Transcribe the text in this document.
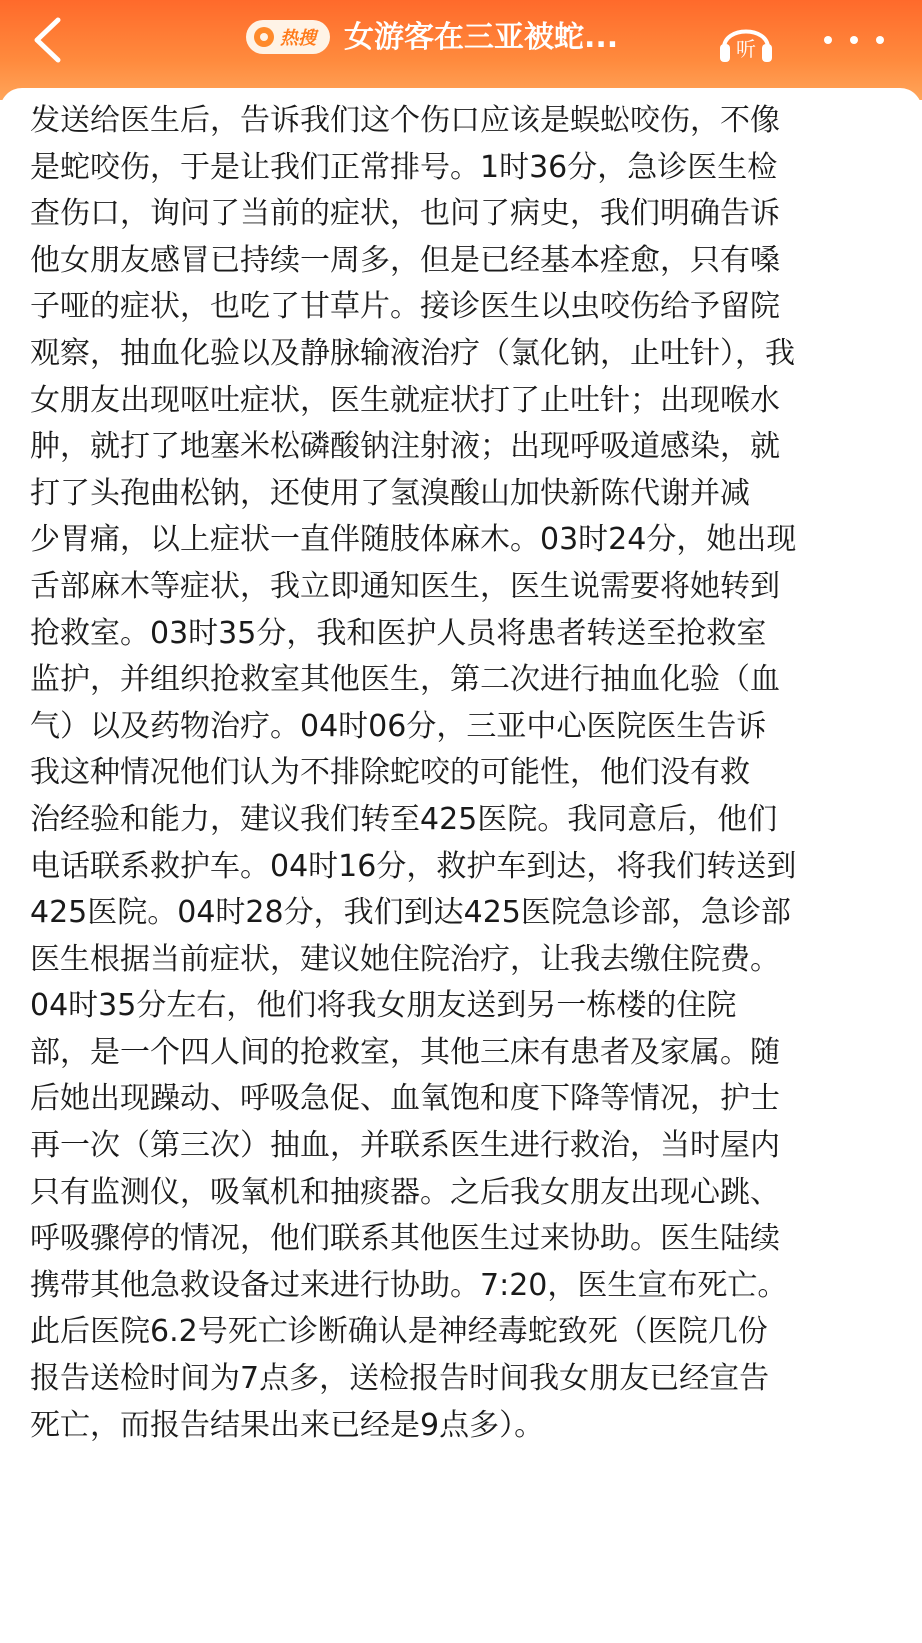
热搜 女游客在三亚被蛇...	听

发送给医生后，告诉我们这个伤口应该是蜈蚣咬伤，不像
是蛇咬伤，于是让我们正常排号。1时36分，急诊医生检
查伤口，询问了当前的症状，也问了病史，我们明确告诉
他女朋友感冒已持续一周多，但是已经基本痊愈，只有嗓
子哑的症状，也吃了甘草片。接诊医生以虫咬伤给予留院
观察，抽血化验以及静脉输液治疗（氯化钠，止吐针），我
女朋友出现呕吐症状，医生就症状打了止吐针；出现喉水
肿，就打了地塞米松磷酸钠注射液；出现呼吸道感染，就
打了头孢曲松钠，还使用了氢溴酸山加快新陈代谢并减
少胃痛，以上症状一直伴随肢体麻木。03时24分，她出现
舌部麻木等症状，我立即通知医生，医生说需要将她转到
抢救室。03时35分，我和医护人员将患者转送至抢救室
监护，并组织抢救室其他医生，第二次进行抽血化验（血
气）以及药物治疗。04时06分，三亚中心医院医生告诉
我这种情况他们认为不排除蛇咬的可能性，他们没有救
治经验和能力，建议我们转至425医院。我同意后，他们
电话联系救护车。04时16分，救护车到达，将我们转送到
425医院。04时28分，我们到达425医院急诊部，急诊部
医生根据当前症状，建议她住院治疗，让我去缴住院费。
04时35分左右，他们将我女朋友送到另一栋楼的住院
部，是一个四人间的抢救室，其他三床有患者及家属。随
后她出现躁动、呼吸急促、血氧饱和度下降等情况，护士
再一次（第三次）抽血，并联系医生进行救治，当时屋内
只有监测仪，吸氧机和抽痰器。之后我女朋友出现心跳、
呼吸骤停的情况，他们联系其他医生过来协助。医生陆续
携带其他急救设备过来进行协助。7:20，医生宣布死亡。
此后医院6.2号死亡诊断确认是神经毒蛇致死（医院几份
报告送检时间为7点多，送检报告时间我女朋友已经宣告
死亡，而报告结果出来已经是9点多）。
